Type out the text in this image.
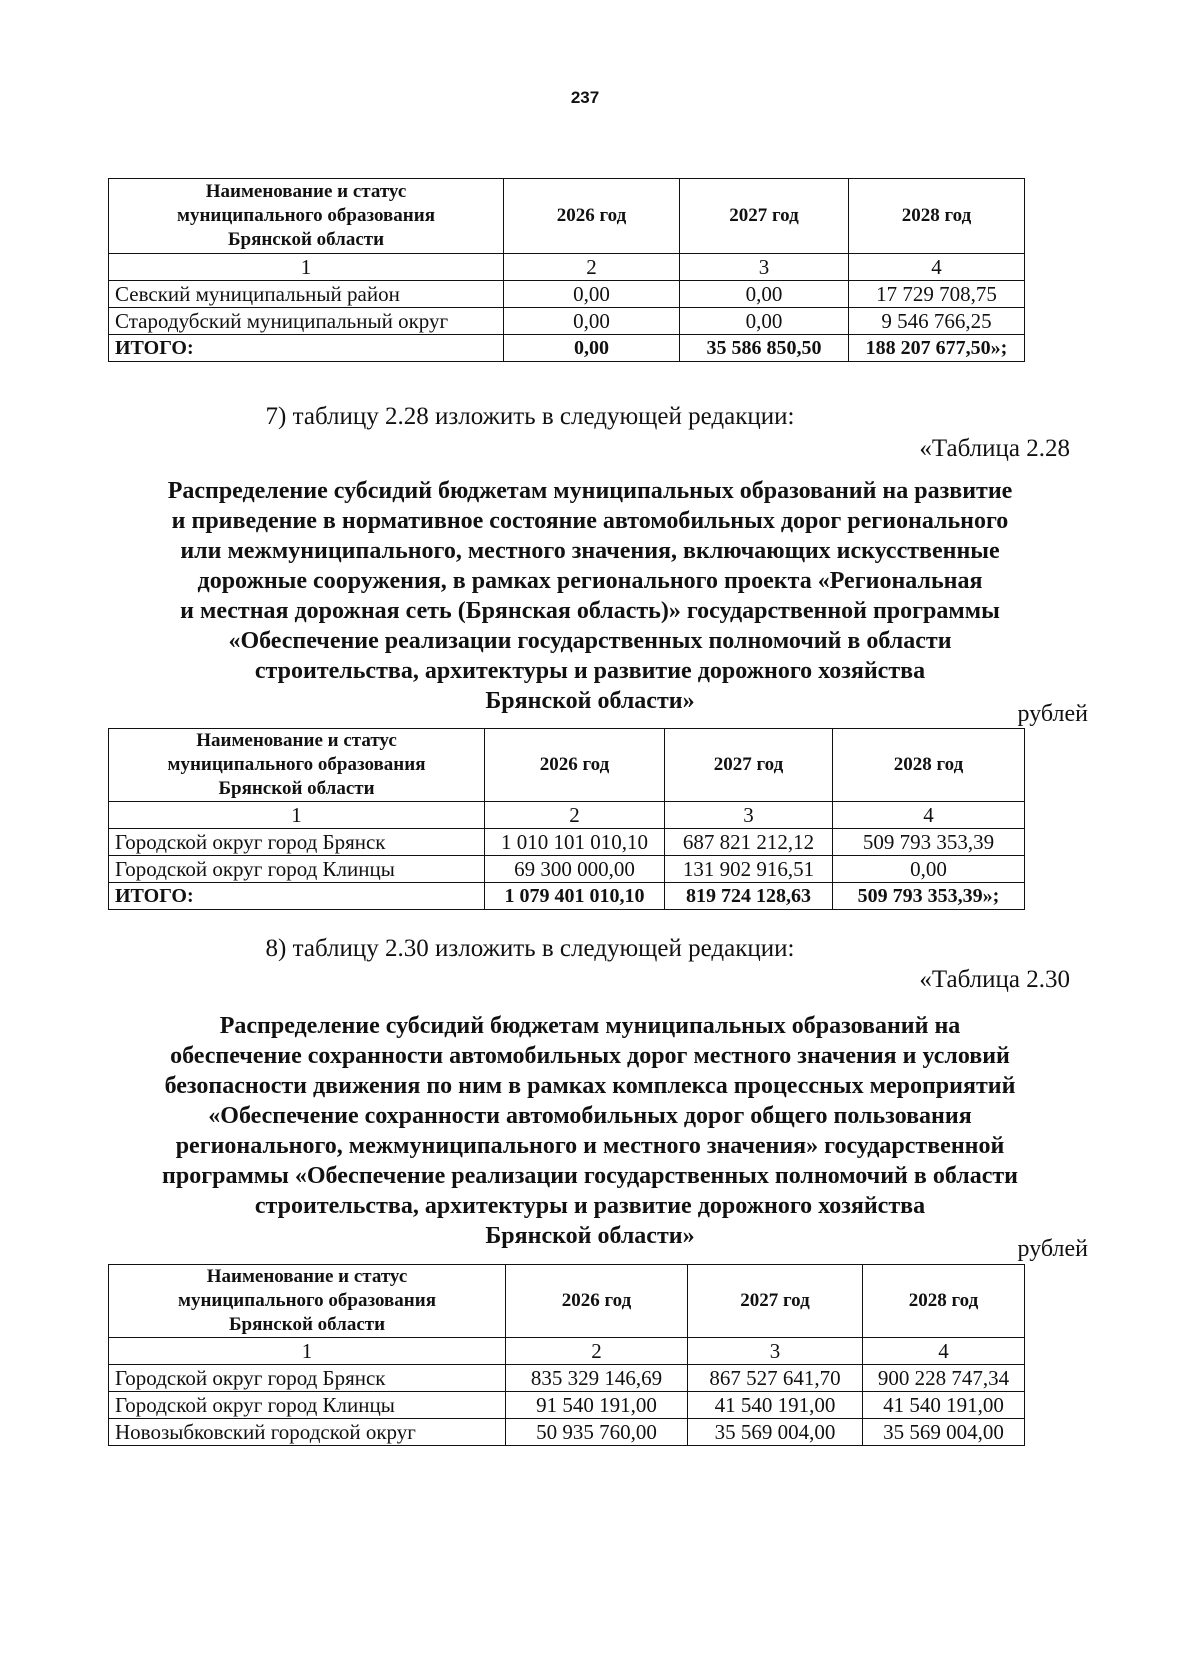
237
Наименование и статус
муниципального образования
Брянской области	2026 год	2027 год	2028 год
1	2	3	4
Севский муниципальный район	0,00	0,00	17 729 708,75
Стародубский муниципальный округ	0,00	0,00	9 546 766,25
ИТОГО:	0,00	35 586 850,50	188 207 677,50»;
7) таблицу 2.28 изложить в следующей редакции:
«Таблица 2.28
Распределение субсидий бюджетам муниципальных образований на развитие
и приведение в нормативное состояние автомобильных дорог регионального
или межмуниципального, местного значения, включающих искусственные
дорожные сооружения, в рамках регионального проекта «Региональная
и местная дорожная сеть (Брянская область)» государственной программы
«Обеспечение реализации государственных полномочий в области
строительства, архитектуры и развитие дорожного хозяйства
Брянской области»	рублей
Наименование и статус
муниципального образования
Брянской области	2026 год	2027 год	2028 год
1	2	3	4
Городской округ город Брянск	1 010 101 010,10	687 821 212,12	509 793 353,39
Городской округ город Клинцы	69 300 000,00	131 902 916,51	0,00
ИТОГО:	1 079 401 010,10	819 724 128,63	509 793 353,39»;
8) таблицу 2.30 изложить в следующей редакции:
«Таблица 2.30
Распределение субсидий бюджетам муниципальных образований на
обеспечение сохранности автомобильных дорог местного значения и условий
безопасности движения по ним в рамках комплекса процессных мероприятий
«Обеспечение сохранности автомобильных дорог общего пользования
регионального, межмуниципального и местного значения» государственной
программы «Обеспечение реализации государственных полномочий в области
строительства, архитектуры и развитие дорожного хозяйства
Брянской области»	рублей
Наименование и статус
муниципального образования
Брянской области	2026 год	2027 год	2028 год
1	2	3	4
Городской округ город Брянск	835 329 146,69	867 527 641,70	900 228 747,34
Городской округ город Клинцы	91 540 191,00	41 540 191,00	41 540 191,00
Новозыбковский городской округ	50 935 760,00	35 569 004,00	35 569 004,00
